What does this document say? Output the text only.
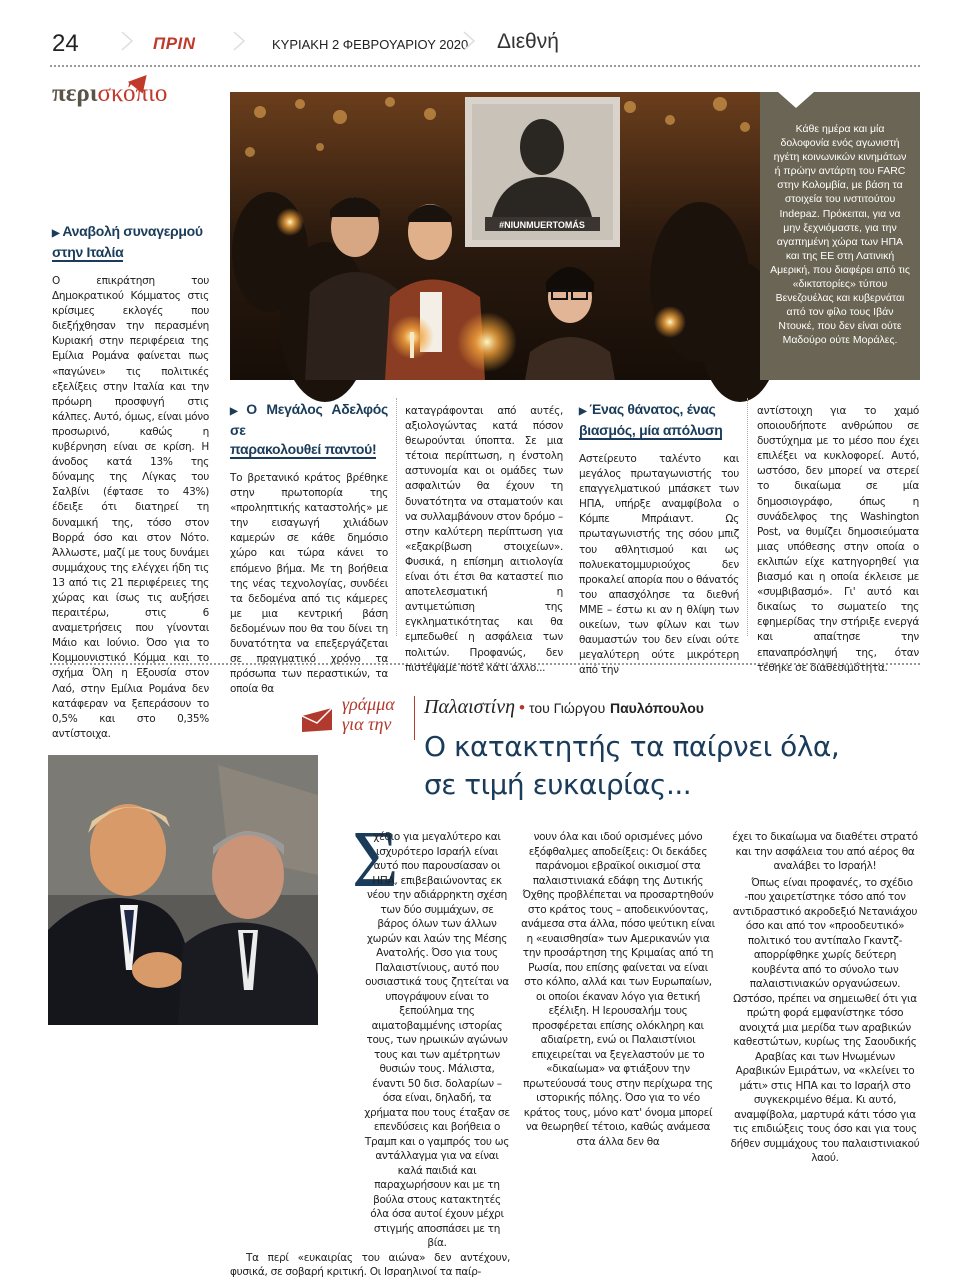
24	ΠΡΙΝ	ΚΥΡΙΑΚΗ 2 ΦΕΒΡΟΥΑΡΙΟΥ 2020 Διεθνή
περισκόπιο
#NIUNMUERTOMÁS
Κάθε ημέρα και μία δολοφονία ενός αγωνιστή ηγέτη κοινωνικών κινημάτων ή πρώην αντάρτη του FARC στην Κολομβία, με βάση τα στοιχεία του ινστιτούτου Indepaz. Πρόκειται, για να μην ξεχνιόμαστε, για την αγαπημένη χώρα των ΗΠΑ και της ΕΕ στη Λατινική Αμερική, που διαφέρει από τις «δικτατορίες» τύπου Βενεζουέλας και κυβερνάται από τον φίλο τους Ιβάν Ντουκέ, που δεν είναι ούτε Μαδούρο ούτε Μοράλες.
▶ Αναβολή συναγερμού
στην Ιταλία
Ο επικράτηση του Δημοκρατικού Κόμματος στις κρίσιμες εκλογές που διεξήχθησαν την περασμένη Κυριακή στην περιφέρεια της Εμίλια Ρομάνα φαίνεται πως «παγώνει» τις πολιτικές εξελίξεις στην Ιταλία και την πρόωρη προσφυγή στις κάλπες. Αυτό, όμως, είναι μόνο προσωρινό, καθώς η κυβέρνηση είναι σε κρίση. Η άνοδος κατά 13% της δύναμης της Λίγκας του Σαλβίνι (έφτασε το 43%) έδειξε ότι διατηρεί τη δυναμική της, τόσο στον Βορρά όσο και στον Νότο. Άλλωστε, μαζί με τους δυνάμει συμμάχους της ελέγχει ήδη τις 13 από τις 21 περιφέρειες της χώρας και ίσως τις αυξήσει περαιτέρω, στις 6 αναμετρήσεις που γίνονται Μάιο και Ιούνιο. Όσο για το Κομμουνιστικό Κόμμα και το σχήμα Όλη η Εξουσία στον Λαό, στην Εμίλια Ρομάνα δεν κατάφεραν να ξεπεράσουν το 0,5% και στο 0,35% αντίστοιχα.
▶ Ο Μεγάλος Αδελφός σε
παρακολουθεί παντού!
Το βρετανικό κράτος βρέθηκε στην πρωτοπορία της «προληπτικής καταστολής» με την εισαγωγή χιλιάδων καμερών σε κάθε δημόσιο χώρο και τώρα κάνει το επόμενο βήμα. Με τη βοήθεια της νέας τεχνολογίας, συνδέει τα δεδομένα από τις κάμερες με μια κεντρική βάση δεδομένων που θα του δίνει τη δυνατότητα να επεξεργάζεται σε πραγματικό χρόνο τα πρόσωπα των περαστικών, τα οποία θα
καταγράφονται από αυτές, αξιολογώντας κατά πόσον θεωρούνται ύποπτα. Σε μια τέτοια περίπτωση, η ένστολη αστυνομία και οι ομάδες των ασφαλιτών θα έχουν τη δυνατότητα να σταματούν και να συλλαμβάνουν στον δρόμο – στην καλύτερη περίπτωση για «εξακρίβωση στοιχείων». Φυσικά, η επίσημη αιτιολογία είναι ότι έτσι θα καταστεί πιο αποτελεσματική η αντιμετώπιση της εγκληματικότητας και θα εμπεδωθεί η ασφάλεια των πολιτών. Προφανώς, δεν πιστέψαμε ποτέ κάτι άλλο...
▶ Ένας θάνατος, ένας
βιασμός, μία απόλυση
Αστείρευτο ταλέντο και μεγάλος πρωταγωνιστής του επαγγελματικού μπάσκετ των ΗΠΑ, υπήρξε αναμφίβολα ο Κόμπε Μπράιαντ. Ως πρωταγωνιστής της σόου μπιζ του αθλητισμού και ως πολυεκατομμυριούχος δεν προκαλεί απορία που ο θάνατός του απασχόλησε τα διεθνή ΜΜΕ – έστω κι αν η θλίψη των οικείων, των φίλων και των θαυμαστών του δεν είναι ούτε μεγαλύτερη ούτε μικρότερη από την
αντίστοιχη για το χαμό οποιουδήποτε ανθρώπου σε δυστύχημα με το μέσο που έχει επιλέξει να κυκλοφορεί. Αυτό, ωστόσο, δεν μπορεί να στερεί το δικαίωμα σε μία δημοσιογράφο, όπως η συνάδελφος της Washington Post, να θυμίζει δημοσιεύματα μιας υπόθεσης στην οποία ο εκλιπών είχε κατηγορηθεί για βιασμό και η οποία έκλεισε με «συμβιβασμό». Γι' αυτό και δικαίως το σωματείο της εφημερίδας την στήριξε ενεργά και απαίτησε την επαναπρόσληψή της, όταν τέθηκε σε διαθεσιμότητα.
γράμμα
για την
Παλαιστίνη • του Γιώργου Παυλόπουλου
Ο κατακτητής τα παίρνει όλα,
σε τιμή ευκαιρίας...
Σ
χέδιο για μεγαλύτερο και ισχυρότερο Ισραήλ είναι αυτό που παρουσίασαν οι ΗΠΑ, επιβεβαιώνοντας εκ νέου την αδιάρρηκτη σχέση των δύο συμμάχων, σε βάρος όλων των άλλων χωρών και λαών της Μέσης Ανατολής. Όσο για τους Παλαιστίνιους, αυτό που ουσιαστικά τους ζητείται να υπογράψουν είναι το ξεπούλημα της αιματοβαμμένης ιστορίας τους, των ηρωικών αγώνων τους και των αμέτρητων θυσιών τους. Μάλιστα, έναντι 50 δισ. δολαρίων – όσα είναι, δηλαδή, τα χρήματα που τους έταξαν σε επενδύσεις και βοήθεια ο Τραμπ και ο γαμπρός του ως αντάλλαγμα για να είναι καλά παιδιά και παραχωρήσουν και με τη βούλα στους κατακτητές όλα όσα αυτοί έχουν μέχρι στιγμής αποσπάσει με τη βία.
Τα περί «ευκαιρίας του αιώνα» δεν αντέχουν, φυσικά, σε σοβαρή κριτική. Οι Ισραηλινοί τα παίρ-
νουν όλα και ιδού ορισμένες μόνο εξόφθαλμες αποδείξεις: Οι δεκάδες παράνομοι εβραϊκοί οικισμοί στα παλαιστινιακά εδάφη της Δυτικής Όχθης προβλέπεται να προσαρτηθούν στο κράτος τους – αποδεικνύοντας, ανάμεσα στα άλλα, πόσο ψεύτικη είναι η «ευαισθησία» των Αμερικανών για την προσάρτηση της Κριμαίας από τη Ρωσία, που επίσης φαίνεται να είναι στο κόλπο, αλλά και των Ευρωπαίων, οι οποίοι έκαναν λόγο για θετική εξέλιξη. Η Ιερουσαλήμ τους προσφέρεται επίσης ολόκληρη και αδιαίρετη, ενώ οι Παλαιστίνιοι επιχειρείται να ξεγελαστούν με το «δικαίωμα» να φτιάξουν την πρωτεύουσά τους στην περίχωρα της ιστορικής πόλης. Όσο για το νέο κράτος τους, μόνο κατ' όνομα μπορεί να θεωρηθεί τέτοιο, καθώς ανάμεσα στα άλλα δεν θα
έχει το δικαίωμα να διαθέτει στρατό και την ασφάλεια του από αέρος θα αναλάβει το Ισραήλ!
Όπως είναι προφανές, το σχέδιο -που χαιρετίστηκε τόσο από τον αντιδραστικό ακροδεξιό Νετανιάχου όσο και από τον «προοδευτικό» πολιτικό του αντίπαλο Γκαντζ- απορρίφθηκε χωρίς δεύτερη κουβέντα από το σύνολο των παλαιστινιακών οργανώσεων. Ωστόσο, πρέπει να σημειωθεί ότι για πρώτη φορά εμφανίστηκε τόσο ανοιχτά μια μερίδα των αραβικών καθεστώτων, κυρίως της Σαουδικής Αραβίας και των Ηνωμένων Αραβικών Εμιράτων, να «κλείνει το μάτι» στις ΗΠΑ και το Ισραήλ στο συγκεκριμένο θέμα. Κι αυτό, αναμφίβολα, μαρτυρά κάτι τόσο για τις επιδιώξεις τους όσο και για τους δήθεν συμμάχους του παλαιστινιακού λαού.
